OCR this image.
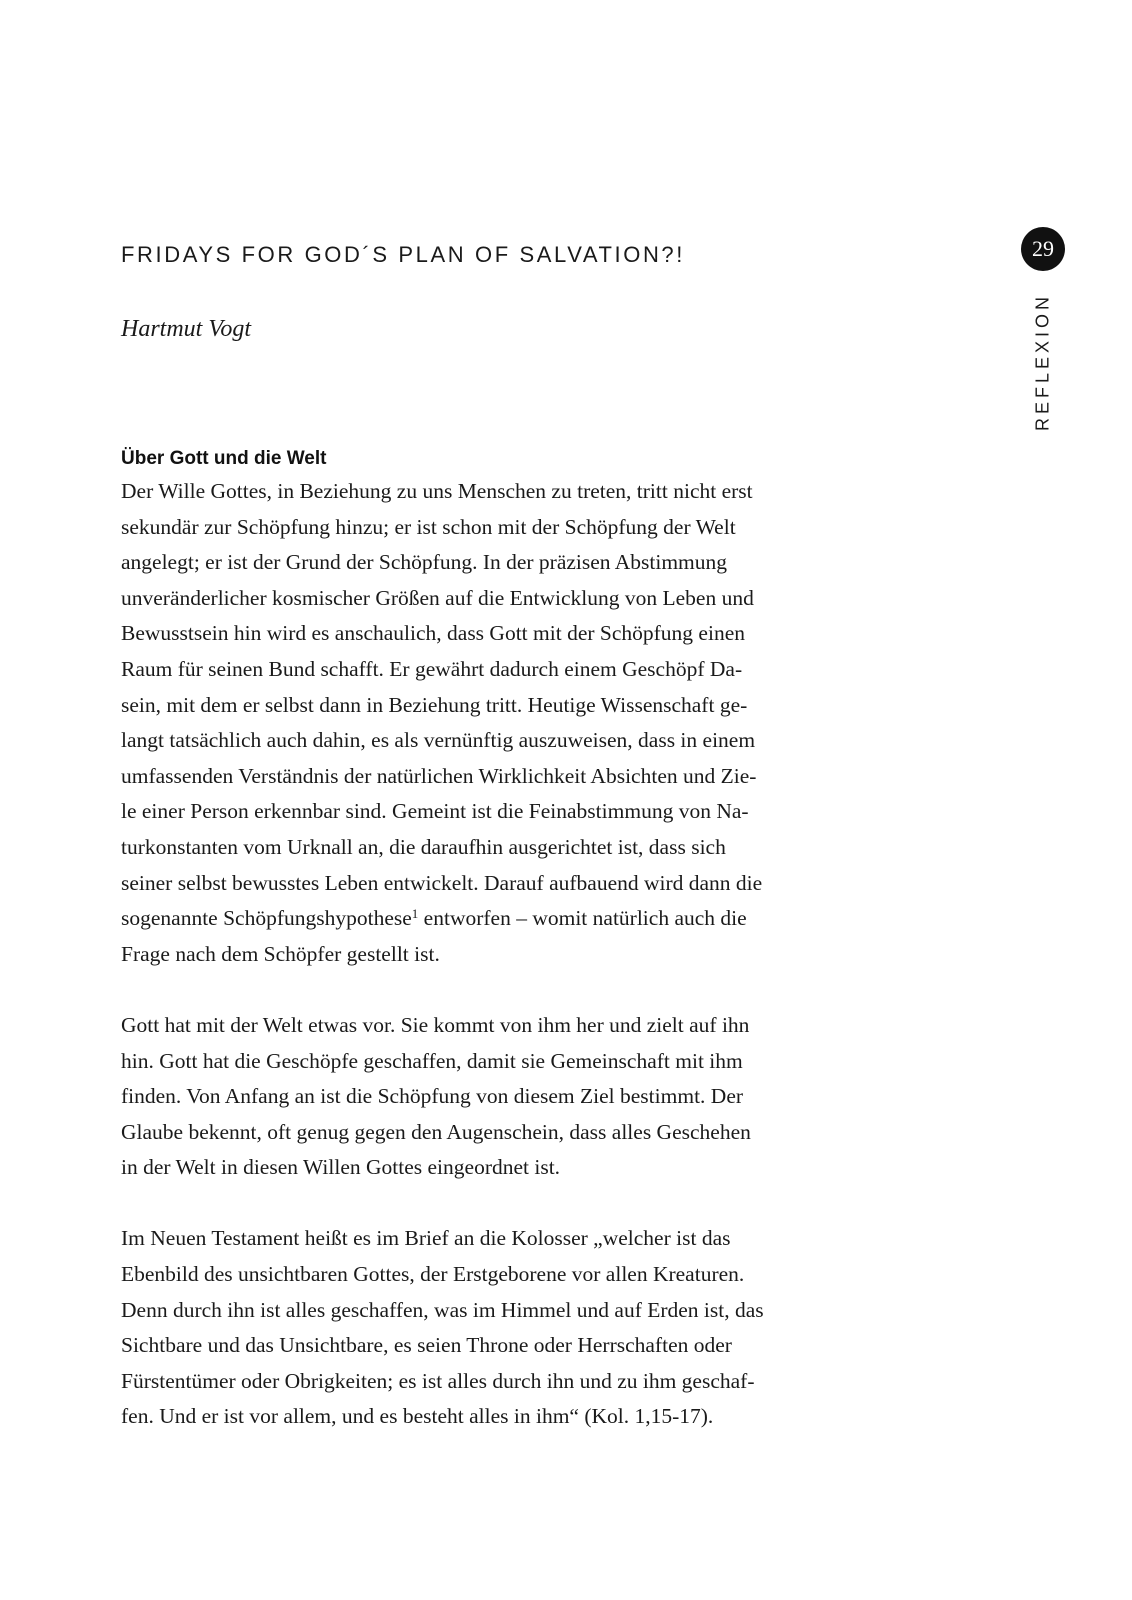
FRIDAYS FOR GOD´S PLAN OF SALVATION?!
Hartmut Vogt
29
REFLEXION
Über Gott und die Welt
Der Wille Gottes, in Beziehung zu uns Menschen zu treten, tritt nicht erst
sekundär zur Schöpfung hinzu; er ist schon mit der Schöpfung der Welt
angelegt; er ist der Grund der Schöpfung. In der präzisen Abstimmung
unveränderlicher kosmischer Größen auf die Entwicklung von Leben und
Bewusstsein hin wird es anschaulich, dass Gott mit der Schöpfung einen
Raum für seinen Bund schafft. Er gewährt dadurch einem Geschöpf Da-
sein, mit dem er selbst dann in Beziehung tritt. Heutige Wissenschaft ge-
langt tatsächlich auch dahin, es als vernünftig auszuweisen, dass in einem
umfassenden Verständnis der natürlichen Wirklichkeit Absichten und Zie-
le einer Person erkennbar sind. Gemeint ist die Feinabstimmung von Na-
turkonstanten vom Urknall an, die daraufhin ausgerichtet ist, dass sich
seiner selbst bewusstes Leben entwickelt. Darauf aufbauend wird dann die
sogenannte Schöpfungshypothese$^1$ entworfen – womit natürlich auch die
Frage nach dem Schöpfer gestellt ist.
Gott hat mit der Welt etwas vor. Sie kommt von ihm her und zielt auf ihn
hin. Gott hat die Geschöpfe geschaffen, damit sie Gemeinschaft mit ihm
finden. Von Anfang an ist die Schöpfung von diesem Ziel bestimmt. Der
Glaube bekennt, oft genug gegen den Augenschein, dass alles Geschehen
in der Welt in diesen Willen Gottes eingeordnet ist.
Im Neuen Testament heißt es im Brief an die Kolosser „welcher ist das
Ebenbild des unsichtbaren Gottes, der Erstgeborene vor allen Kreaturen.
Denn durch ihn ist alles geschaffen, was im Himmel und auf Erden ist, das
Sichtbare und das Unsichtbare, es seien Throne oder Herrschaften oder
Fürstentümer oder Obrigkeiten; es ist alles durch ihn und zu ihm geschaf-
fen. Und er ist vor allem, und es besteht alles in ihm“ (Kol. 1,15-17).
